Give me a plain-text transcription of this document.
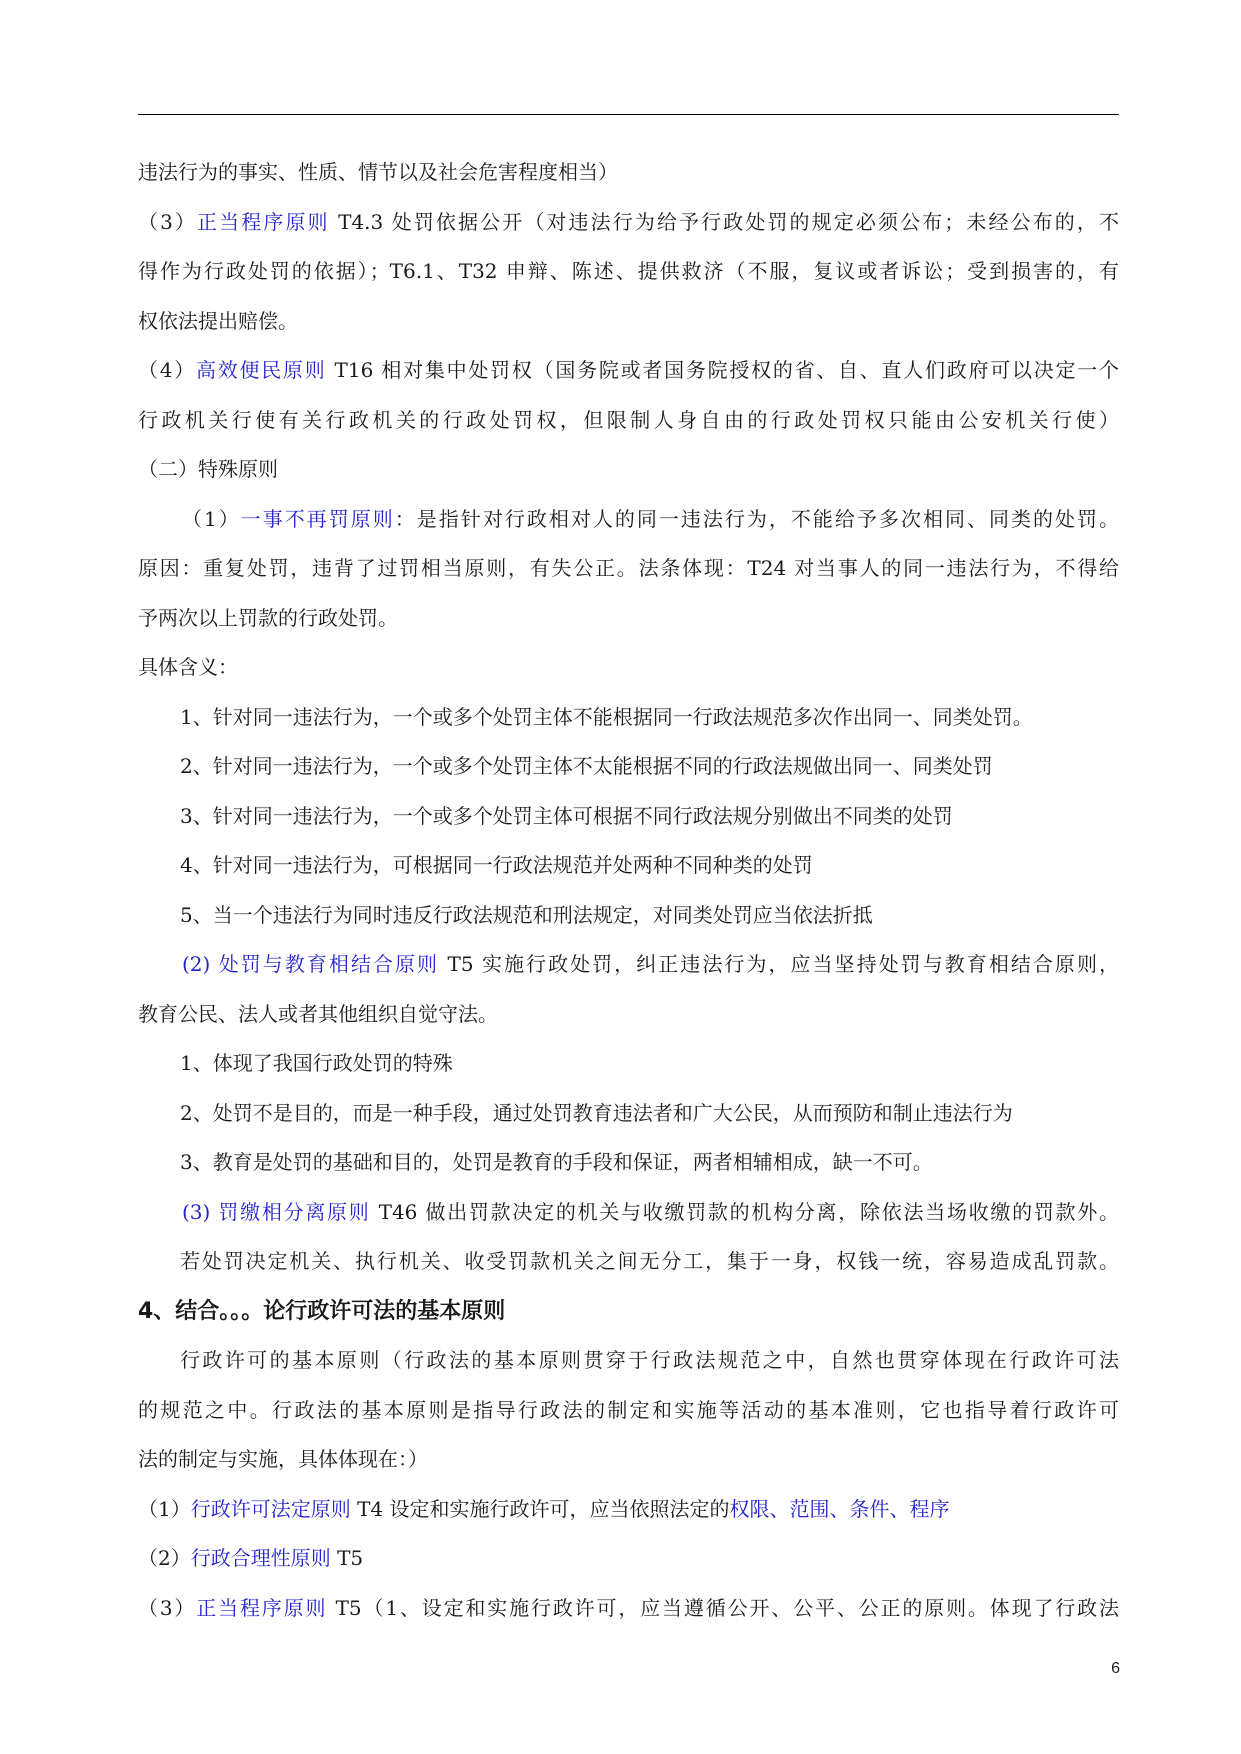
违法行为的事实、性质、情节以及社会危害程度相当）
（3）正当程序原则 T4.3 处罚依据公开（对违法行为给予行政处罚的规定必须公布；未经公布的，不
得作为行政处罚的依据）；T6.1、T32 申辩、陈述、提供救济（不服，复议或者诉讼；受到损害的，有
权依法提出赔偿。
（4）高效便民原则 T16 相对集中处罚权（国务院或者国务院授权的省、自、直人们政府可以决定一个
行政机关行使有关行政机关的行政处罚权，但限制人身自由的行政处罚权只能由公安机关行使）
（二）特殊原则
（1）一事不再罚原则：是指针对行政相对人的同一违法行为，不能给予多次相同、同类的处罚。
原因：重复处罚，违背了过罚相当原则，有失公正。法条体现：T24 对当事人的同一违法行为，不得给
予两次以上罚款的行政处罚。
具体含义：
1、针对同一违法行为，一个或多个处罚主体不能根据同一行政法规范多次作出同一、同类处罚。
2、针对同一违法行为，一个或多个处罚主体不太能根据不同的行政法规做出同一、同类处罚
3、针对同一违法行为，一个或多个处罚主体可根据不同行政法规分别做出不同类的处罚
4、针对同一违法行为，可根据同一行政法规范并处两种不同种类的处罚
5、当一个违法行为同时违反行政法规范和刑法规定，对同类处罚应当依法折抵
(2) 处罚与教育相结合原则 T5 实施行政处罚，纠正违法行为，应当坚持处罚与教育相结合原则，
教育公民、法人或者其他组织自觉守法。
1、体现了我国行政处罚的特殊
2、处罚不是目的，而是一种手段，通过处罚教育违法者和广大公民，从而预防和制止违法行为
3、教育是处罚的基础和目的，处罚是教育的手段和保证，两者相辅相成，缺一不可。
(3) 罚缴相分离原则 T46 做出罚款决定的机关与收缴罚款的机构分离，除依法当场收缴的罚款外。
若处罚决定机关、执行机关、收受罚款机关之间无分工，集于一身，权钱一统，容易造成乱罚款。
4、结合。。。论行政许可法的基本原则
行政许可的基本原则（行政法的基本原则贯穿于行政法规范之中，自然也贯穿体现在行政许可法
的规范之中。行政法的基本原则是指导行政法的制定和实施等活动的基本准则，它也指导着行政许可
法的制定与实施，具体体现在：）
（1）行政许可法定原则 T4 设定和实施行政许可，应当依照法定的权限、范围、条件、程序
（2）行政合理性原则 T5
（3）正当程序原则 T5（1、设定和实施行政许可，应当遵循公开、公平、公正的原则。体现了行政法
6
